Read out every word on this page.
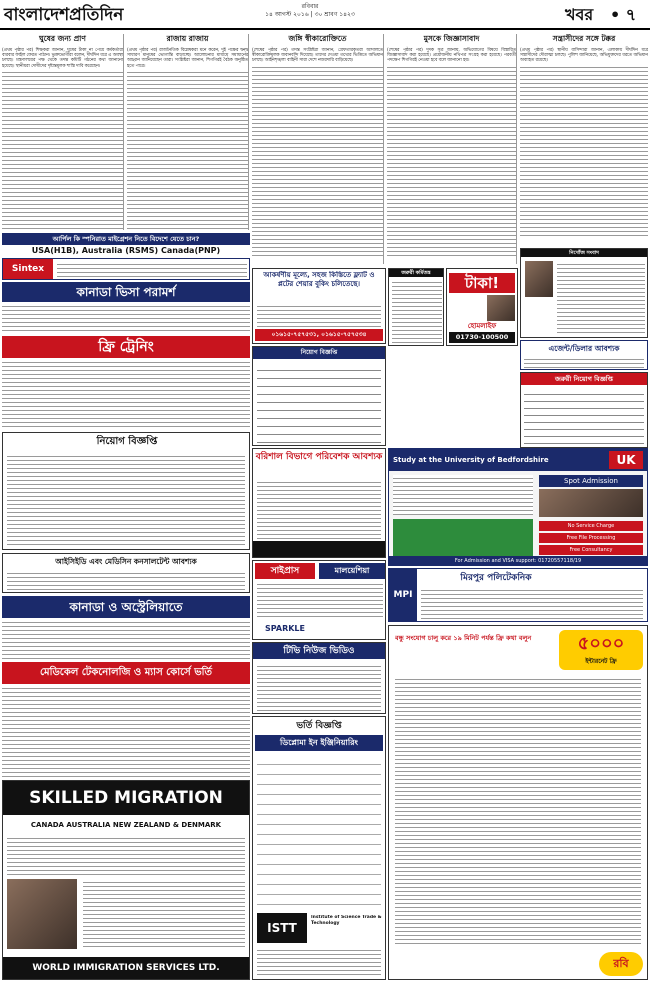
বাংলাদেশপ্রতিদিন	রবিবার
১৪ আগস্ট ২০১৬ | ৩০ শ্রাবণ ১৪২৩	খবর • ৭
ঘুষের জন্য প্রাণ

(প্রথম পৃষ্ঠার পর) শিক্ষকরা জানান, ঘুষের টাকা না পেয়ে কর্মকর্তারা বারবার ফাইল ফেরত পাঠান। ভুক্তভোগীরা বলেন, দীর্ঘদিন ধরে এ অবস্থা চলছে। মন্ত্রণালয়ের পক্ষ থেকে তদন্ত কমিটি গঠনের কথা জানানো হয়েছে। স্থানীয়রা দোষীদের দৃষ্টান্তমূলক শাস্তি দাবি করেছেন।

রাজায় রাজায়

(প্রথম পৃষ্ঠার পর) রাজনৈতিক বিশ্লেষকরা মনে করেন, দুই পক্ষের দ্বন্দ্ব সাধারণ মানুষের ভোগান্তি বাড়াচ্ছে। আলোচনার মাধ্যমে সমাধানের আহ্বান জানিয়েছেন তারা। সংশ্লিষ্টরা জানান, শিগগিরই বৈঠক অনুষ্ঠিত হতে পারে।

জঙ্গি স্বীকারোক্তিতে

(শেষের পৃষ্ঠার পর) তদন্ত সংশ্লিষ্টরা জানান, গ্রেফতারকৃতরা আদালতে স্বীকারোক্তিমূলক জবানবন্দি দিয়েছে। তাদের দেওয়া তথ্যের ভিত্তিতে অভিযান চলছে। আইনশৃঙ্খলা বাহিনী সারা দেশে নজরদারি বাড়িয়েছে।

মুসকে জিজ্ঞাসাবাদ

(শেষের পৃষ্ঠার পর) দুদক সূত্র জানায়, অভিযোগের বিষয়ে বিস্তারিত জিজ্ঞাসাবাদ করা হয়েছে। প্রয়োজনীয় নথিপত্র সংগ্রহ করা হয়েছে। পরবর্তী পদক্ষেপ শিগগিরই নেওয়া হবে বলে জানানো হয়।

সন্ত্রাসীদের সঙ্গে টক্কর

(প্রথম পৃষ্ঠার পর) স্থানীয় বাসিন্দারা জানান, এলাকায় দীর্ঘদিন ধরে সন্ত্রাসীদের দৌরাত্ম্য চলছে। পুলিশ জানিয়েছে, অভিযুক্তদের ধরতে অভিযান অব্যাহত রয়েছে।

নিখোঁজ সংবাদ
আর্পিল কি স্পনিরাত মাইগ্রেশন নিতে বিদেশে যেতে চান?
USA(H1B), Australia (RSMS) Canada(PNP)
Sintex
কানাডা ভিসা পরামর্শ
ফ্রি ট্রেনিং
নিয়োগ বিজ্ঞপ্তি
আকর্ষণীয় মূল্যে, সহজ কিস্তিতে ফ্ল্যাট ও প্লটের শেয়ার বুকিং চলিতেছে।
০১৬১৫-৭৫৭৫৩১, ০১৬১৫-৭৫৭৫৩৪
নিয়োগ বিজ্ঞপ্তি
জরুরী কর্মিতন্ত্র
টাকা!
হোমলাইফ
01730-100500
এজেন্ট/ডিলার আবশ্যক
জরুরী নিয়োগ বিজ্ঞপ্তি
বরিশাল বিভাগে পরিবেশক আবশ্যক	Study at the University of Bedfordshire	UK
Spot Admission
No Service Charge
Free File Processing
Free Consultancy
For Admission and VISA support: 01720557118/19
আইসিইডি এবং মেডিসিন কনসালটেন্ট আবশ্যক
সাইপ্রাস	মালয়েশিয়া
SPARKLE
MPI
মিরপুর পলিটেকনিক
কানাডা ও অস্ট্রেলিয়াতে
টিভি নিউজ ভিডিও
বন্ধু সংযোগ চালু করে ১৯ মিনিট পর্যন্ত ফ্রি কথা বলুন	৫০০০
ইন্টারনেট ফ্রি
রবি
মেডিকেল টেকনোলজি ও ম্যাস কোর্সে ভর্তি
ভর্তি বিজ্ঞপ্তি
ডিপ্লোমা ইন ইঞ্জিনিয়ারিং
ISTT
Institute of Science Trade & Technology
SKILLED MIGRATION
CANADA AUSTRALIA NEW ZEALAND & DENMARK
WORLD IMMIGRATION SERVICES LTD.
